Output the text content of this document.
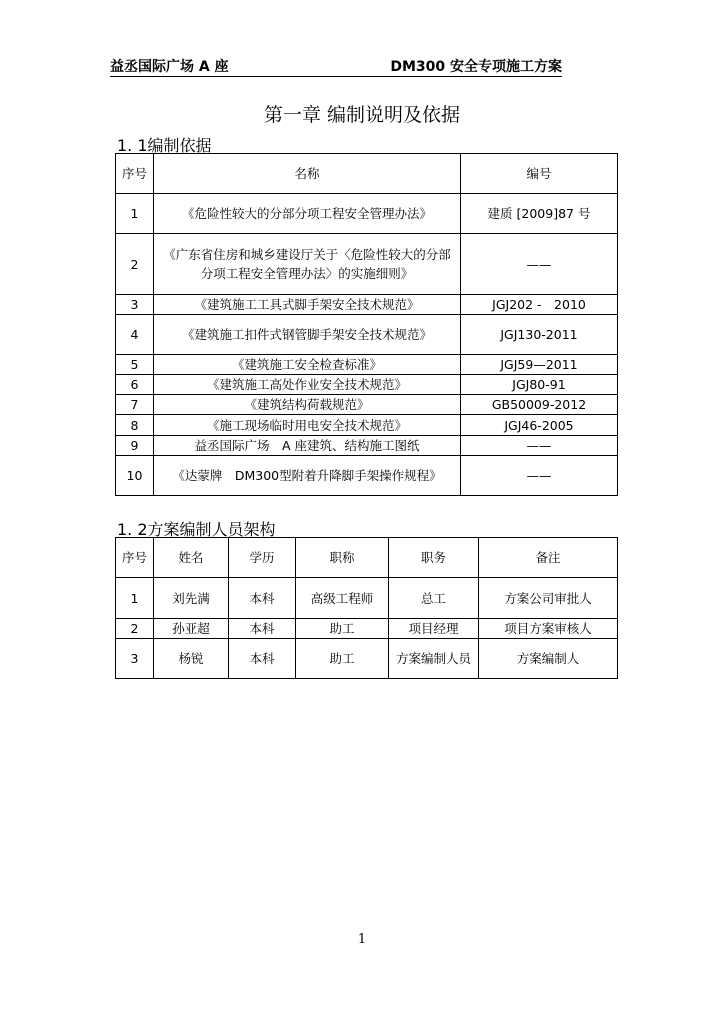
益丞国际广场 A 座	DM300 安全专项施工方案
第一章 编制说明及依据
1. 1编制依据
序号	名称	编号
1	《危险性较大的分部分项工程安全管理办法》	建质 [2009]87 号
2	《广东省住房和城乡建设厅关于〈危险性较大的分部分项工程安全管理办法〉的实施细则》	——
3	《建筑施工工具式脚手架安全技术规范》	JGJ202 -　2010
4	《建筑施工扣件式钢管脚手架安全技术规范》	JGJ130-2011
5	《建筑施工安全检查标准》	JGJ59—2011
6	《建筑施工高处作业安全技术规范》	JGJ80-91
7	《建筑结构荷载规范》	GB50009-2012
8	《施工现场临时用电安全技术规范》	JGJ46-2005
9	益丞国际广场　A 座建筑、结构施工图纸	——
10	《达蒙牌　DM300型附着升降脚手架操作规程》	——
1. 2方案编制人员架构
序号	姓名	学历	职称	职务	备注
1	刘先满	本科	高级工程师	总工	方案公司审批人
2	孙亚超	本科	助工	项目经理	项目方案审核人
3	杨锐	本科	助工	方案编制人员	方案编制人
1
